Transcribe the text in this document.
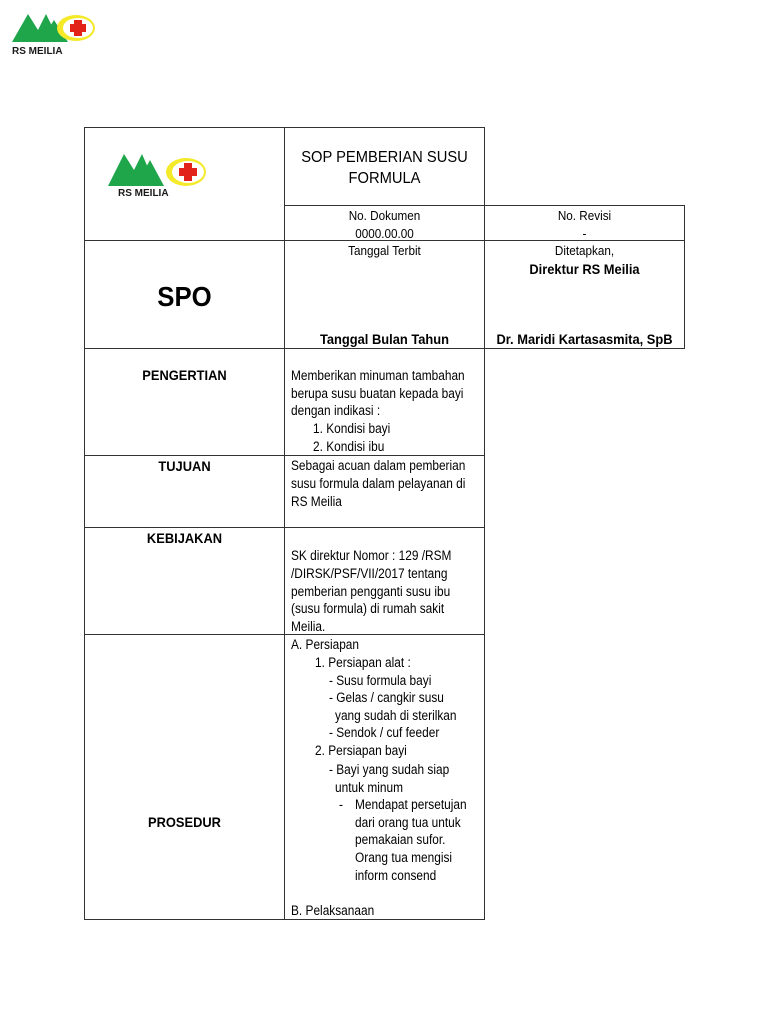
RS MEILIA
RS MEILIA
SOP PEMBERIAN SUSU
FORMULA
No. Dokumen
0000.00.00
No. Revisi
-
SPO
Tanggal Terbit
Tanggal Bulan Tahun
Ditetapkan,
Direktur RS Meilia
Dr. Maridi Kartasasmita, SpB
PENGERTIAN	Memberikan minuman tambahan
berupa susu buatan kepada bayi
dengan indikasi :
1. Kondisi bayi
2. Kondisi ibu
TUJUAN	Sebagai acuan dalam pemberian
susu formula dalam pelayanan di
RS Meilia
KEBIJAKAN
SK direktur Nomor : 129 /RSM
/DIRSK/PSF/VII/2017 tentang
pemberian pengganti susu ibu
(susu formula) di rumah sakit
Meilia.
PROSEDUR
A. Persiapan
1. Persiapan alat :
- Susu formula bayi
- Gelas / cangkir susu
yang sudah di sterilkan
- Sendok / cuf feeder
2. Persiapan bayi
- Bayi yang sudah siap
untuk minum
- Mendapat persetujan
dari orang tua untuk
pemakaian sufor.
Orang tua mengisi
inform consend
B. Pelaksanaan
